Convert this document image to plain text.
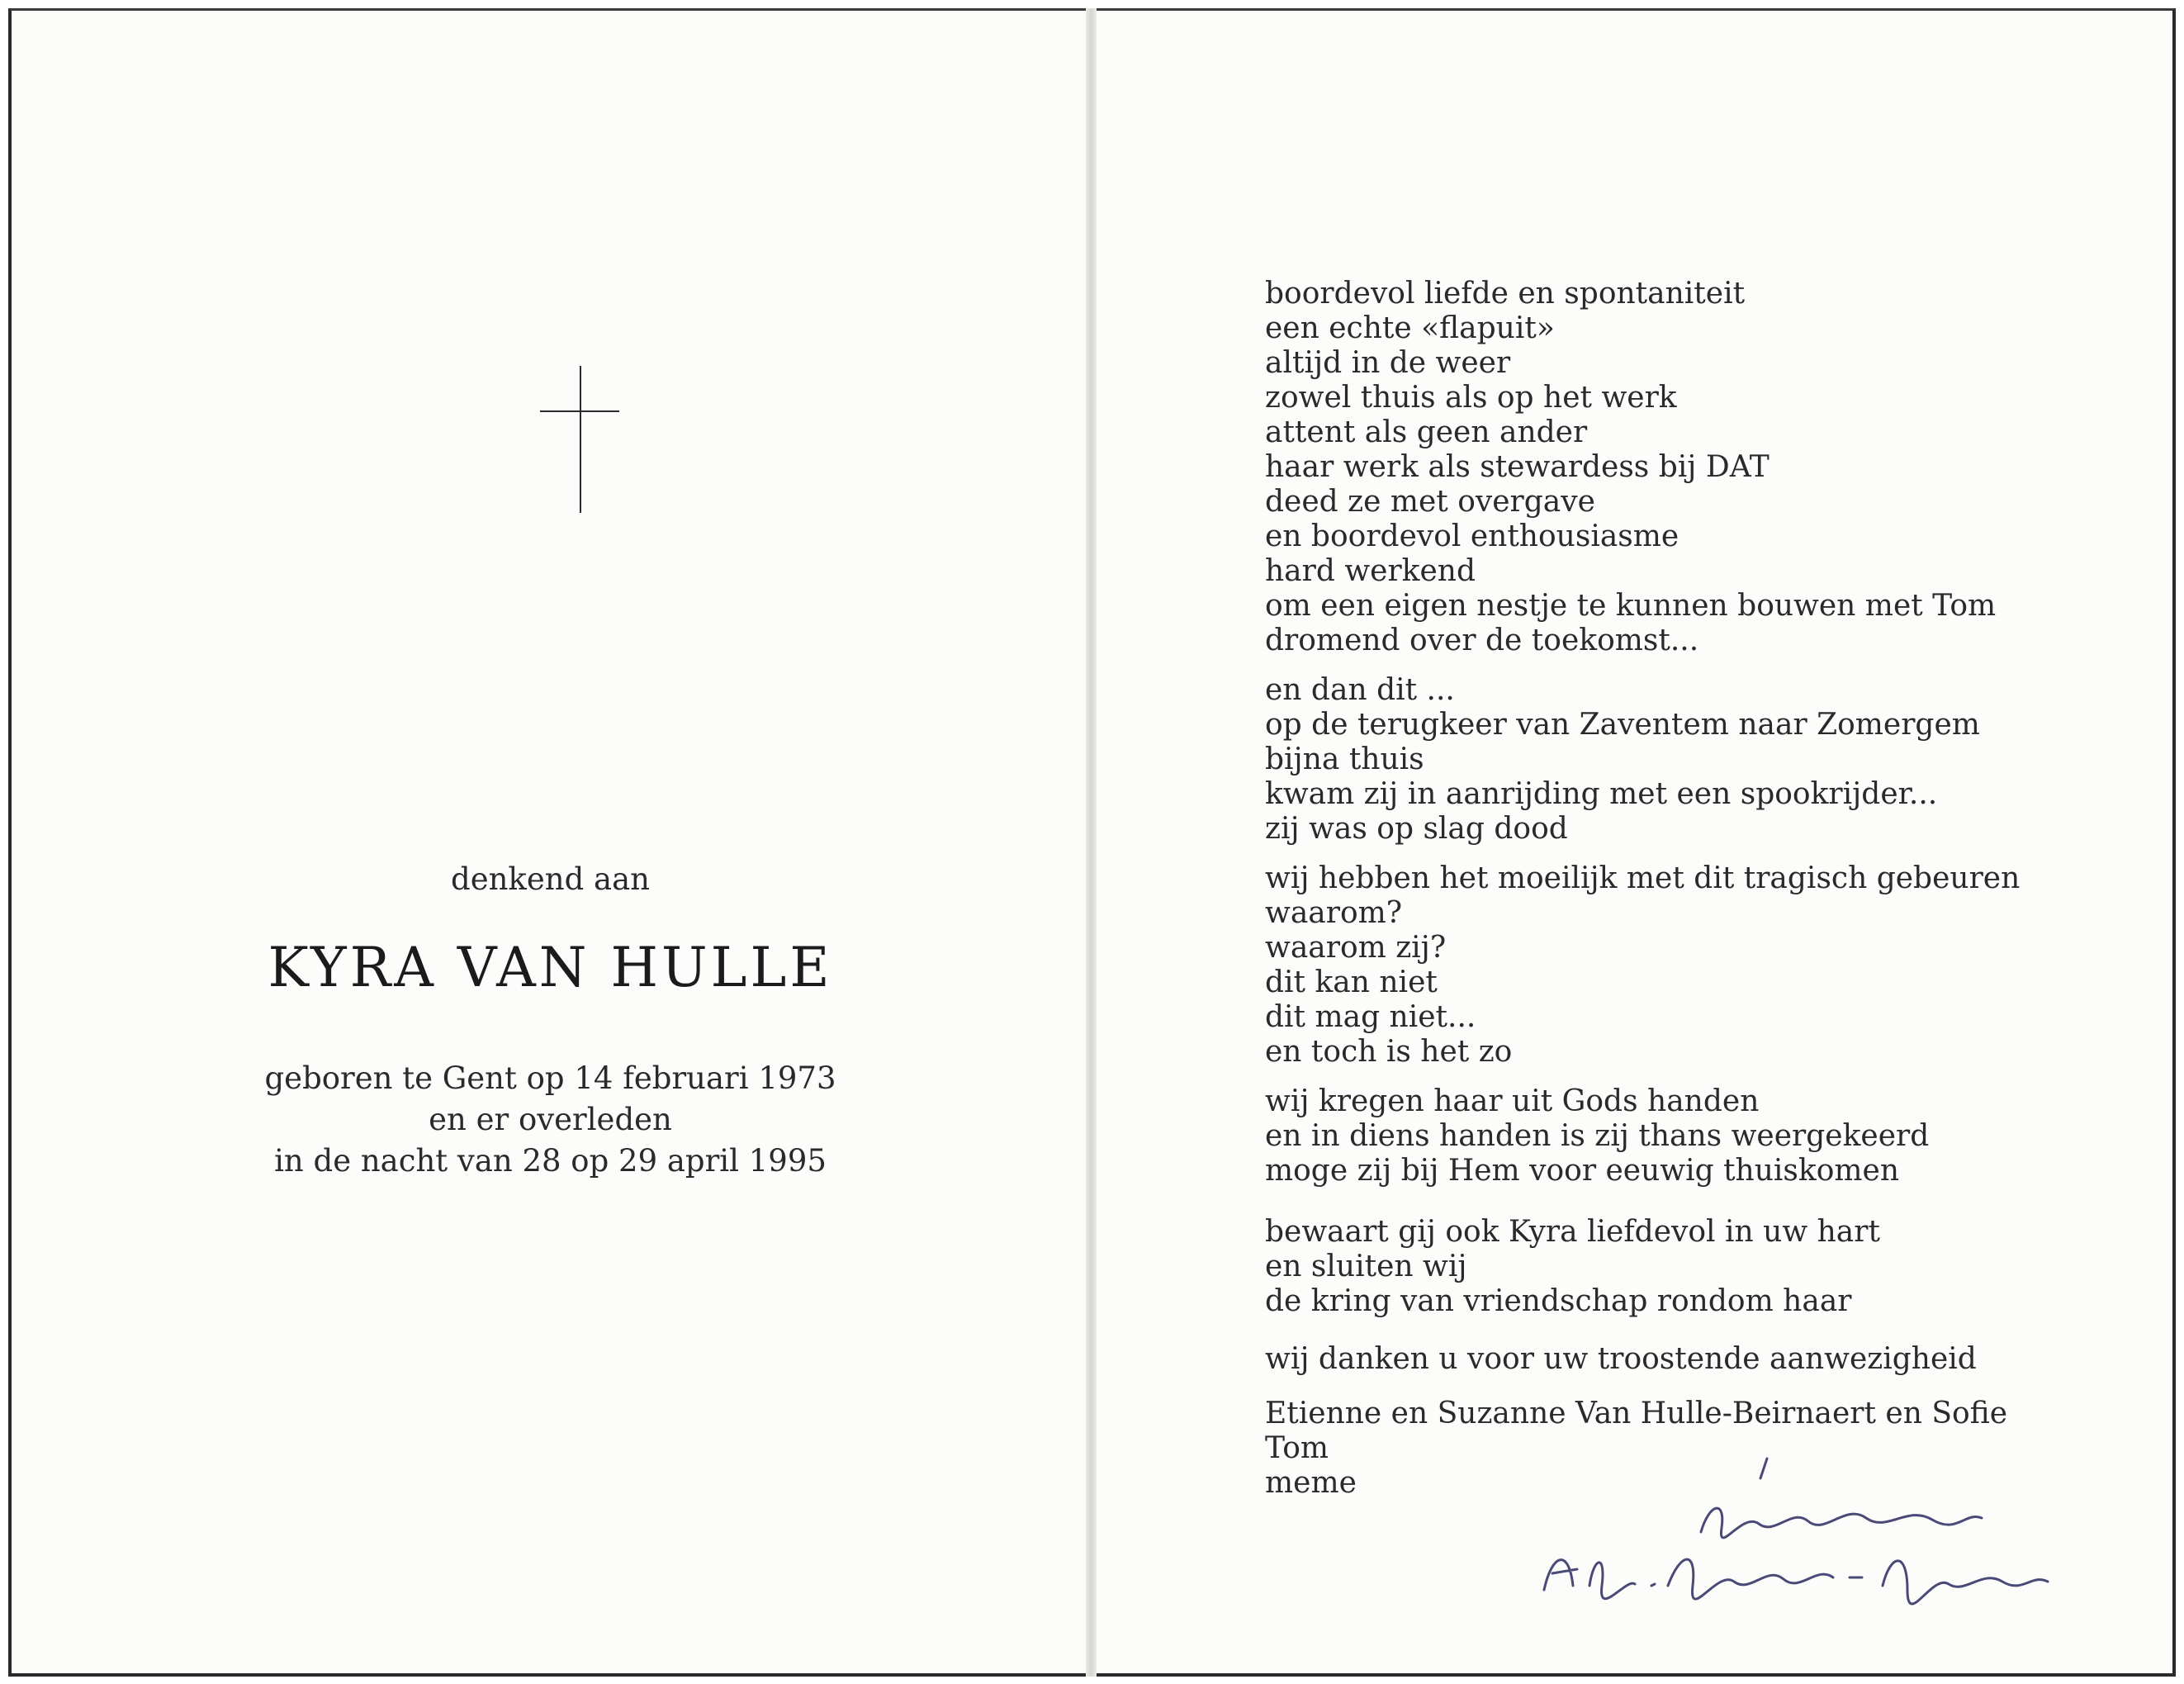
denkend aan
KYRA VAN HULLE
geboren te Gent op 14 februari 1973
en er overleden
in de nacht van 28 op 29 april 1995
boordevol liefde en spontaniteit
een echte «flapuit»
altijd in de weer
zowel thuis als op het werk
attent als geen ander
haar werk als stewardess bij DAT
deed ze met overgave
en boordevol enthousiasme
hard werkend
om een eigen nestje te kunnen bouwen met Tom
dromend over de toekomst...
en dan dit ...
op de terugkeer van Zaventem naar Zomergem
bijna thuis
kwam zij in aanrijding met een spookrijder...
zij was op slag dood
wij hebben het moeilijk met dit tragisch gebeuren
waarom?
waarom zij?
dit kan niet
dit mag niet...
en toch is het zo
wij kregen haar uit Gods handen
en in diens handen is zij thans weergekeerd
moge zij bij Hem voor eeuwig thuiskomen
bewaart gij ook Kyra liefdevol in uw hart
en sluiten wij
de kring van vriendschap rondom haar
wij danken u voor uw troostende aanwezigheid
Etienne en Suzanne Van Hulle-Beirnaert en Sofie
Tom
meme
Kleindochter v.
Alb. Beirnaert - Martens
